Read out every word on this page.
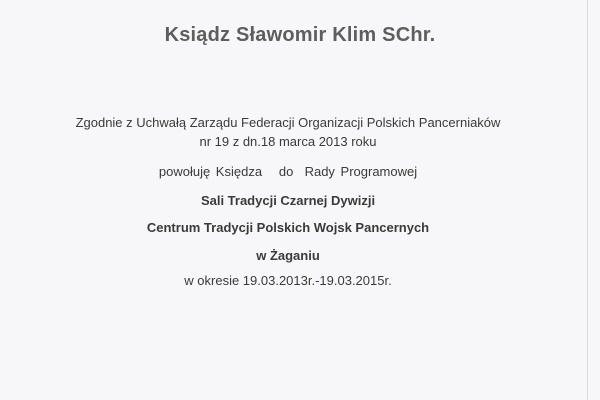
Ksiądz Sławomir Klim SChr.
Zgodnie z Uchwałą Zarządu Federacji Organizacji Polskich Pancerniaków
nr 19 z dn.18 marca 2013 roku
powołuję Księdza   do  Rady Programowej
Sali Tradycji Czarnej Dywizji
Centrum Tradycji Polskich Wojsk Pancernych
w Żaganiu
w okresie 19.03.2013r.-19.03.2015r.
